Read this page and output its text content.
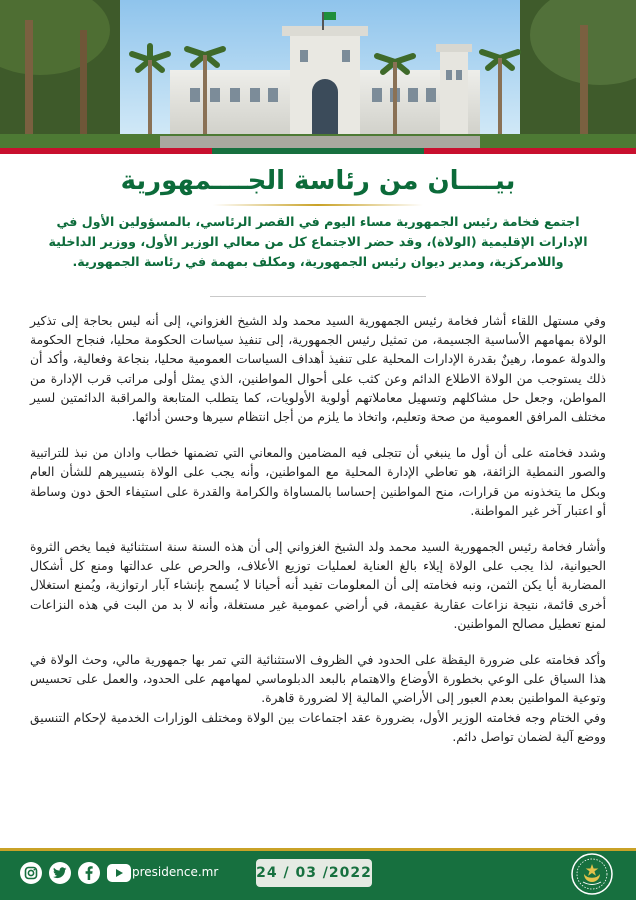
بيــــان من رئاسة الجــــمهورية
اجتمع فخامة رئيس الجمهورية مساء اليوم في القصر الرئاسي، بالمسؤولين الأول في الإدارات الإقليمية (الولاة)، وقد حضر الاجتماع كل من معالي الوزير الأول، ووزير الداخلية واللامركزية، ومدير ديوان رئيس الجمهورية، ومكلف بمهمة في رئاسة الجمهورية.

وفي مستهل اللقاء أشار فخامة رئيس الجمهورية السيد محمد ولد الشيخ الغزواني، إلى أنه ليس بحاجة إلى تذكير الولاة بمهامهم الأساسية الجسيمة، من تمثيل رئيس الجمهورية، إلى تنفيذ سياسات الحكومة محليا، فنجاح الحكومة والدولة عموما، رهينٌ بقدرة الإدارات المحلية على تنفيذ أهداف السياسات العمومية محليا، بنجاعة وفعالية، وأكد أن ذلك يستوجب من الولاة الاطلاع الدائم وعن كثب على أحوال المواطنين، الذي يمثل أولى مراتب قرب الإدارة من المواطن، وجعل حل مشاكلهم وتسهيل معاملاتهم أولوية الأولويات، كما يتطلب المتابعة والمراقبة الدائمتين لسير مختلف المرافق العمومية من صحة وتعليم، واتخاذ ما يلزم من أجل انتظام سيرها وحسن أدائها.

وشدد فخامته على أن أول ما ينبغي أن تتجلى فيه المضامين والمعاني التي تضمنها خطاب وادان من نبذ للتراتبية والصور النمطية الزائفة، هو تعاطي الإدارة المحلية مع المواطنين، وأنه يجب على الولاة بتسييرهم للشأن العام وبكل ما يتخذونه من قرارات، منح المواطنين إحساسا بالمساواة والكرامة والقدرة على استيفاء الحق دون وساطة أو اعتبار آخر غير المواطنة.

وأشار فخامة رئيس الجمهورية السيد محمد ولد الشيخ الغزواني إلى أن هذه السنة سنة استثنائية فيما يخص الثروة الحيوانية، لذا يجب على الولاة إيلاء بالغ العناية لعمليات توزيع الأعلاف، والحرص على عدالتها ومنع كل أشكال المضاربة أيا يكن الثمن، ونبه فخامته إلى أن المعلومات تفيد أنه أحيانا لا يُسمح بإنشاء آبار ارتوازية، ويُمنع استغلال أخرى قائمة، نتيجة نزاعات عقارية عقيمة، في أراضي عمومية غير مستغلة، وأنه لا بد من البت في هذه النزاعات لمنع تعطيل مصالح المواطنين.

وأكد فخامته على ضرورة اليقظة على الحدود في الظروف الاستثنائية التي تمر بها جمهورية مالي، وحث الولاة في هذا السياق على الوعي بخطورة الأوضاع والاهتمام بالبعد الدبلوماسي لمهامهم على الحدود، والعمل على تحسيس وتوعية المواطنين بعدم العبور إلى الأراضي المالية إلا لضرورة قاهرة.

وفي الختام وجه فخامته الوزير الأول، بضرورة عقد اجتماعات بين الولاة ومختلف الوزارات الخدمية لإحكام التنسيق ووضع آلية لضمان تواصل دائم.

presidence.mr	24 / 03 /2022
